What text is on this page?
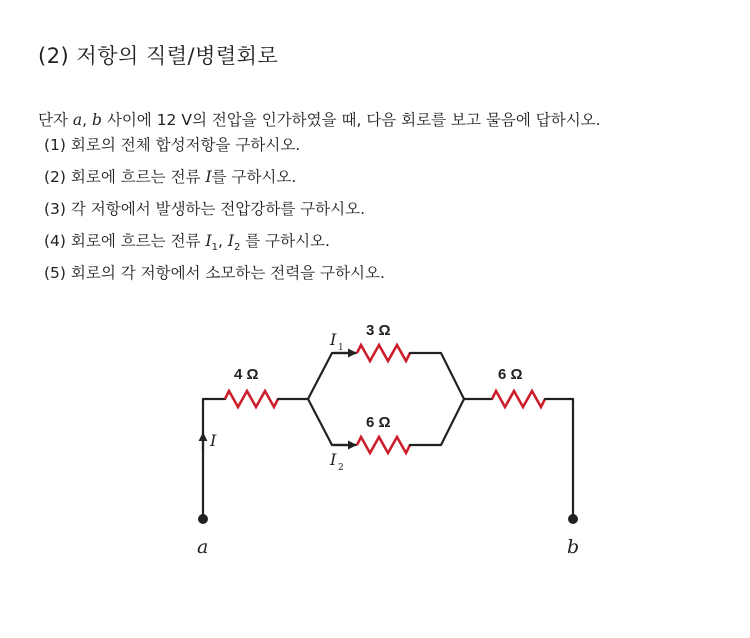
(2) 저항의 직렬/병렬회로

단자 a, b 사이에 12 V의 전압을 인가하였을 때, 다음 회로를 보고 물음에 답하시오.

(1) 회로의 전체 합성저항을 구하시오.
(2) 회로에 흐르는 전류 I를 구하시오.
(3) 각 저항에서 발생하는 전압강하를 구하시오.
(4) 회로에 흐르는 전류 $I_1$, $I_2$ 를 구하시오.
(5) 회로의 각 저항에서 소모하는 전력을 구하시오.
4 Ω
3 Ω
6 Ω
6 Ω
I
I 1
I 2
a	b
